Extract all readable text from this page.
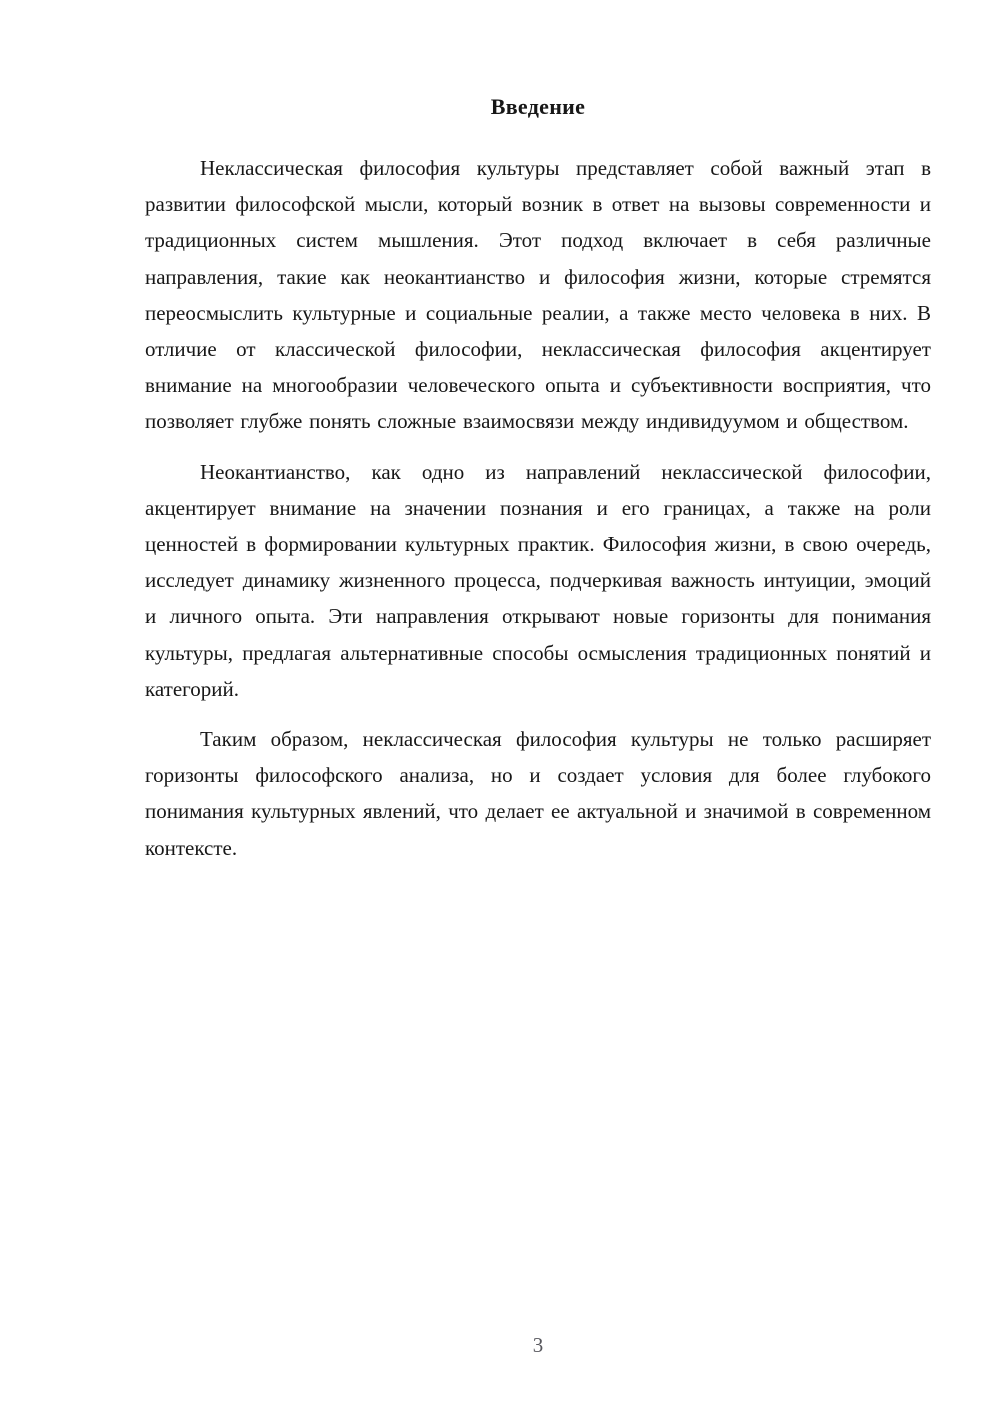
Введение

Неклассическая философия культуры представляет собой важный этап в развитии философской мысли, который возник в ответ на вызовы современности и традиционных систем мышления. Этот подход включает в себя различные направления, такие как неокантианство и философия жизни, которые стремятся переосмыслить культурные и социальные реалии, а также место человека в них. В отличие от классической философии, неклассическая философия акцентирует внимание на многообразии человеческого опыта и субъективности восприятия, что позволяет глубже понять сложные взаимосвязи между индивидуумом и обществом.

Неокантианство, как одно из направлений неклассической философии, акцентирует внимание на значении познания и его границах, а также на роли ценностей в формировании культурных практик. Философия жизни, в свою очередь, исследует динамику жизненного процесса, подчеркивая важность интуиции, эмоций и личного опыта. Эти направления открывают новые горизонты для понимания культуры, предлагая альтернативные способы осмысления традиционных понятий и категорий.

Таким образом, неклассическая философия культуры не только расширяет горизонты философского анализа, но и создает условия для более глубокого понимания культурных явлений, что делает ее актуальной и значимой в современном контексте.

3
